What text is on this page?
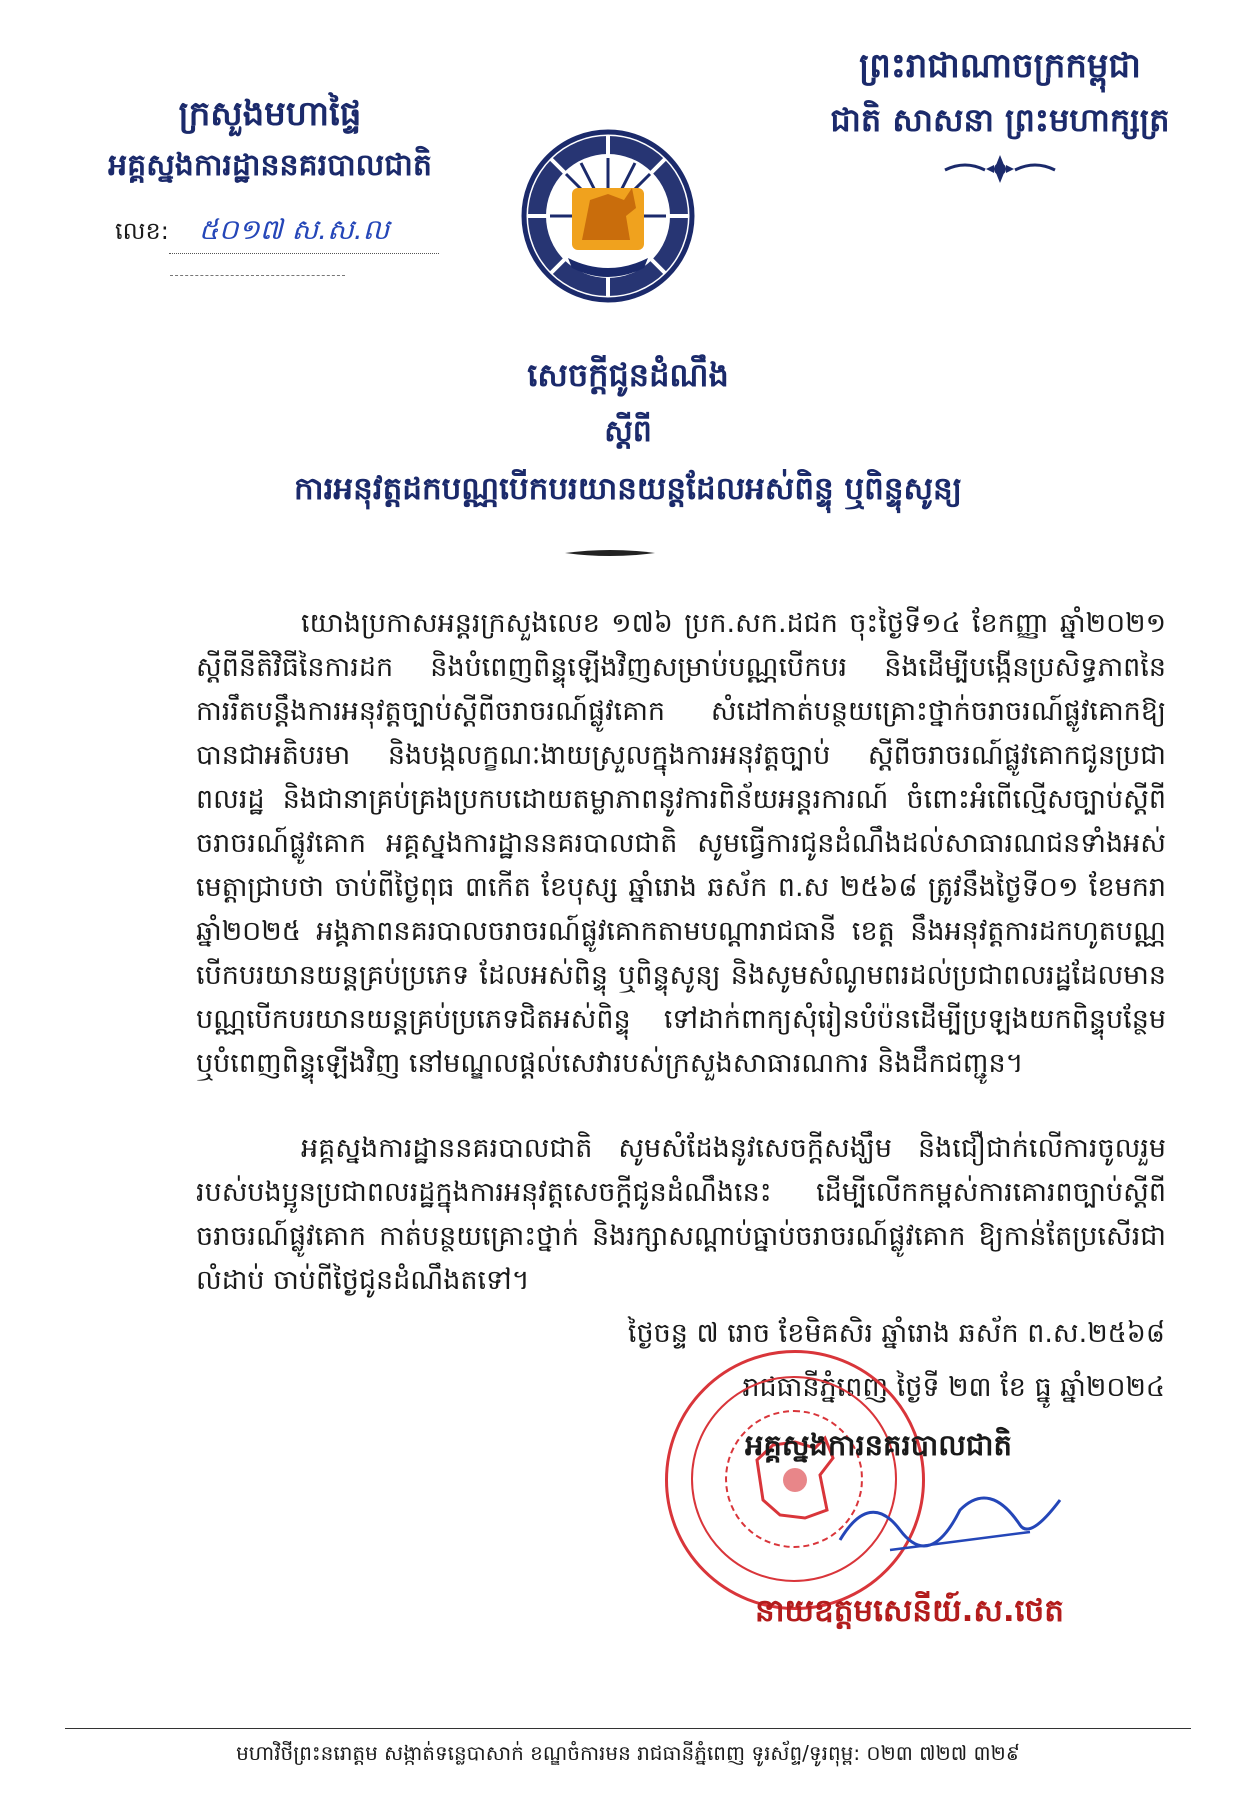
ក្រសួងមហាផ្ទៃ
អគ្គស្នងការដ្ឋាននគរបាលជាតិ
លេខ: ៥០១៧ ស.ស.ល
ព្រះរាជាណាចក្រកម្ពុជា
ជាតិ សាសនា ព្រះមហាក្សត្រ
សេចក្តីជូនដំណឹង
ស្តីពី
ការអនុវត្តដកបណ្ណបើកបរយានយន្តដែលអស់ពិន្ទុ ឬពិន្ទុសូន្យ
យោងប្រកាសអន្តរក្រសួងលេខ ១៧៦ ប្រក.សក.ដជក ចុះថ្ងៃទី១៤ ខែកញ្ញា ឆ្នាំ២០២១ ស្តីពីនីតិវិធីនៃការដក និងបំពេញពិន្ទុឡើងវិញសម្រាប់បណ្ណបើកបរ និងដើម្បីបង្កើនប្រសិទ្ធភាពនៃការរឹតបន្តឹងការអនុវត្តច្បាប់ស្តីពីចរាចរណ៍ផ្លូវគោក សំដៅកាត់បន្ថយគ្រោះថ្នាក់ចរាចរណ៍ផ្លូវគោកឱ្យបានជាអតិបរមា និងបង្កលក្ខណៈងាយស្រួលក្នុងការអនុវត្តច្បាប់ ស្តីពីចរាចរណ៍ផ្លូវគោកជូនប្រជាពលរដ្ឋ និងជានាគ្រប់គ្រងប្រកបដោយតម្លាភាពនូវការពិន័យអន្តរការណ៍ ចំពោះអំពើល្មើសច្បាប់ស្តីពីចរាចរណ៍ផ្លូវគោក អគ្គស្នងការដ្ឋាននគរបាលជាតិ សូមធ្វើការជូនដំណឹងដល់សាធារណជនទាំងអស់មេត្តាជ្រាបថា ចាប់ពីថ្ងៃពុធ ៣កើត ខែបុស្ស ឆ្នាំរោង ឆស័ក ព.ស ២៥៦៨ ត្រូវនឹងថ្ងៃទី០១ ខែមករា ឆ្នាំ២០២៥ អង្គភាពនគរបាលចរាចរណ៍ផ្លូវគោកតាមបណ្តារាជធានី ខេត្ត នឹងអនុវត្តការដកហូតបណ្ណបើកបរយានយន្តគ្រប់ប្រភេទ ដែលអស់ពិន្ទុ ឬពិន្ទុសូន្យ និងសូមសំណូមពរដល់ប្រជាពលរដ្ឋដែលមានបណ្ណបើកបរយានយន្តគ្រប់ប្រភេទជិតអស់ពិន្ទុ ទៅដាក់ពាក្យសុំរៀនបំប៉នដើម្បីប្រឡងយកពិន្ទុបន្ថែម ឬបំពេញពិន្ទុឡើងវិញ នៅមណ្ឌលផ្តល់សេវារបស់ក្រសួងសាធារណការ និងដឹកជញ្ជូន។
អគ្គស្នងការដ្ឋាននគរបាលជាតិ សូមសំដែងនូវសេចក្តីសង្ឃឹម និងជឿជាក់លើការចូលរួមរបស់បងប្អូនប្រជាពលរដ្ឋក្នុងការអនុវត្តសេចក្តីជូនដំណឹងនេះ ដើម្បីលើកកម្ពស់ការគោរពច្បាប់ស្តីពីចរាចរណ៍ផ្លូវគោក កាត់បន្ថយគ្រោះថ្នាក់ និងរក្សាសណ្តាប់ធ្នាប់ចរាចរណ៍ផ្លូវគោក ឱ្យកាន់តែប្រសើរជាលំដាប់ ចាប់ពីថ្ងៃជូនដំណឹងតទៅ។
ថ្ងៃចន្ទ ៧ រោច ខែមិគសិរ ឆ្នាំរោង ឆស័ក ព.ស.២៥៦៨
រាជធានីភ្នំពេញ ថ្ងៃទី ២៣ ខែ ធ្នូ ឆ្នាំ២០២៤
អគ្គស្នងការនគរបាលជាតិ
នាយឧត្តមសេនីយ៍.ស.ថេត
មហាវិថីព្រះនរោត្តម សង្កាត់ទន្លេបាសាក់ ខណ្ឌចំការមន រាជធានីភ្នំពេញ ទូរស័ព្ទ/ទូរពុម្ព: ០២៣ ៧២៧ ៣២៩
